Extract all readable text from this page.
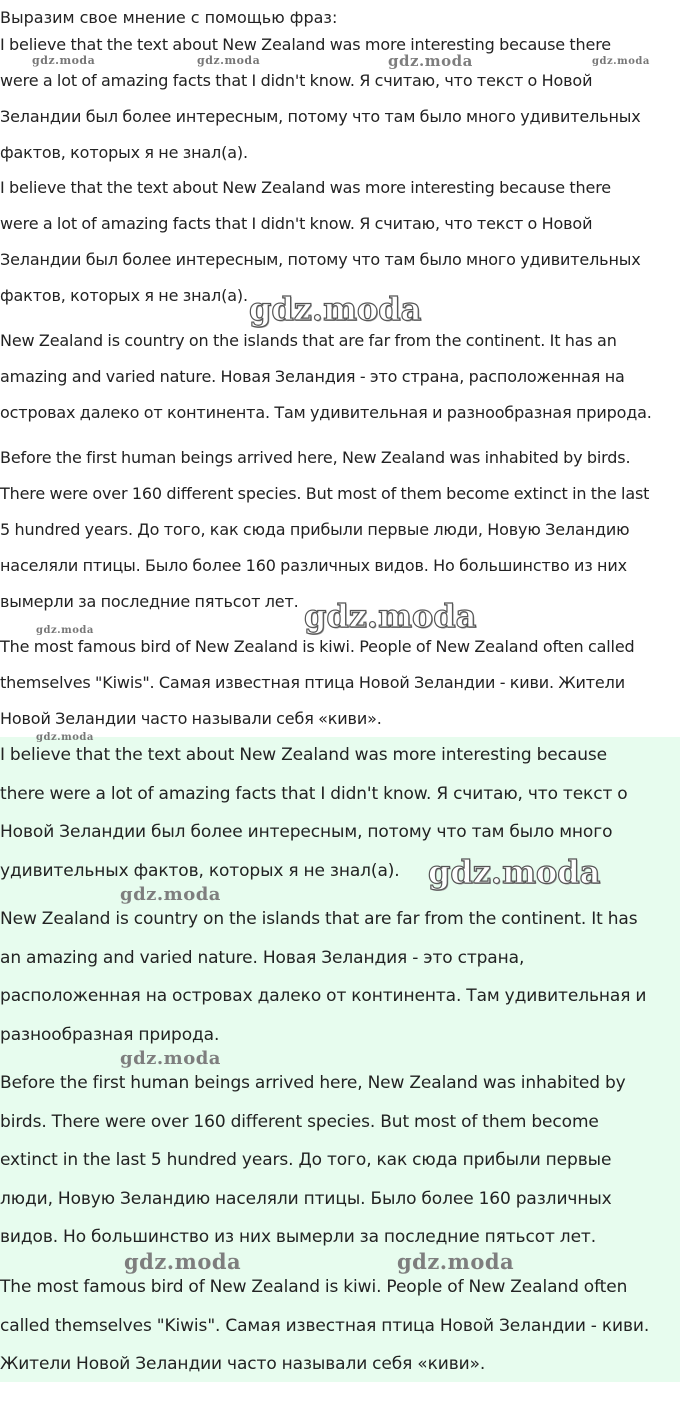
Выразим свое мнение с помощью фраз:

I believe that the text about New Zealand was more interesting because there
were a lot of amazing facts that I didn't know. Я считаю, что текст о Новой
Зеландии был более интересным, потому что там было много удивительных
фактов, которых я не знал(а).

I believe that the text about New Zealand was more interesting because there
were a lot of amazing facts that I didn't know. Я считаю, что текст о Новой
Зеландии был более интересным, потому что там было много удивительных
фактов, которых я не знал(а).

New Zealand is country on the islands that are far from the continent. It has an
amazing and varied nature. Новая Зеландия - это страна, расположенная на
островах далеко от континента. Там удивительная и разнообразная природа.

Before the first human beings arrived here, New Zealand was inhabited by birds.
There were over 160 different species. But most of them become extinct in the last
5 hundred years. До того, как сюда прибыли первые люди, Новую Зеландию
населяли птицы. Было более 160 различных видов. Но большинство из них
вымерли за последние пятьсот лет.

The most famous bird of New Zealand is kiwi. People of New Zealand often called
themselves "Kiwis". Самая известная птица Новой Зеландии - киви. Жители
Новой Зеландии часто называли себя «киви».

I believe that the text about New Zealand was more interesting because
there were a lot of amazing facts that I didn't know. Я считаю, что текст о
Новой Зеландии был более интересным, потому что там было много
удивительных фактов, которых я не знал(а).

New Zealand is country on the islands that are far from the continent. It has
an amazing and varied nature. Новая Зеландия - это страна,
расположенная на островах далеко от континента. Там удивительная и
разнообразная природа.

Before the first human beings arrived here, New Zealand was inhabited by
birds. There were over 160 different species. But most of them become
extinct in the last 5 hundred years. До того, как сюда прибыли первые
люди, Новую Зеландию населяли птицы. Было более 160 различных
видов. Но большинство из них вымерли за последние пятьсот лет.

The most famous bird of New Zealand is kiwi. People of New Zealand often
called themselves "Kiwis". Самая известная птица Новой Зеландии - киви.
Жители Новой Зеландии часто называли себя «киви».

gdz.moda	gdz.moda	gdz.moda	gdz.moda
gdz.moda
gdz.moda
gdz.moda
gdz.moda
gdz.moda
gdz.moda
gdz.moda
gdz.moda	gdz.moda
